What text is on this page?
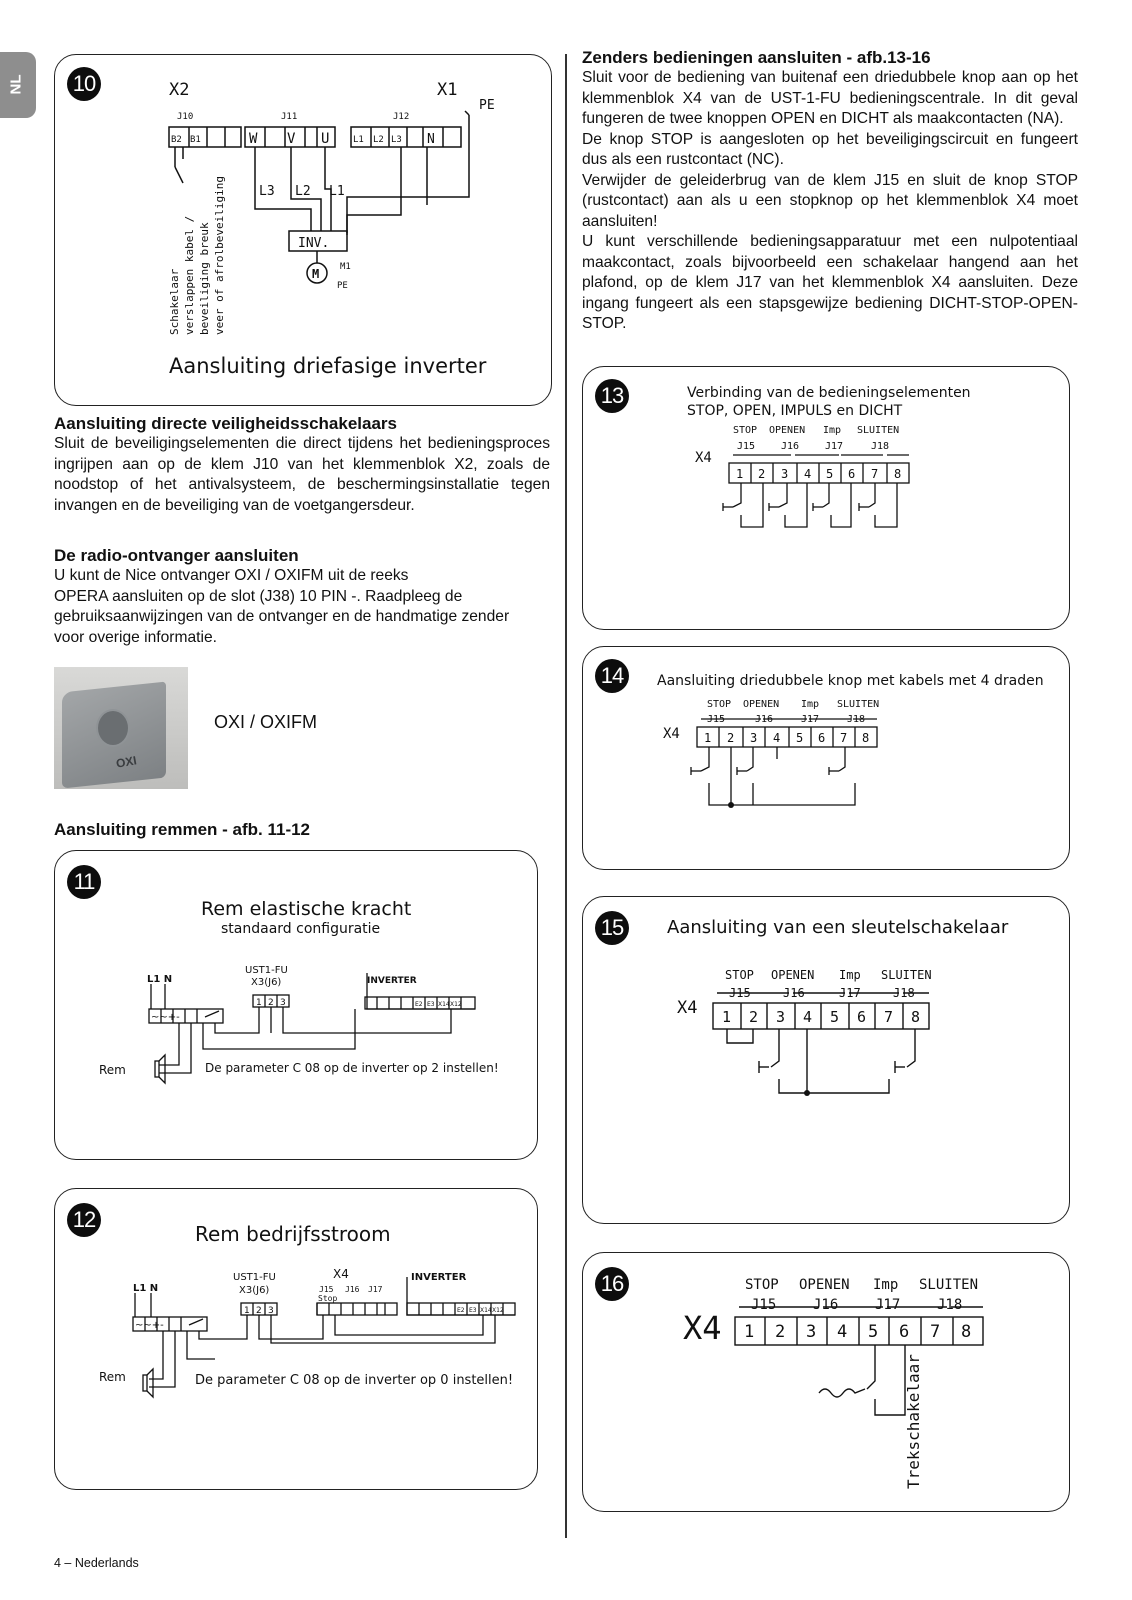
NL 10	X2	X1
PE
J10	J11	J12
B2 B1	W V U	L1 L2 L3 N
L3 L2 L1
INV.
M M1
PE
Schakelaar verslappen kabel / beveiliging breuk veer of afrolbeveiliging
Aansluiting driefasige inverter
Aansluiting directe veiligheidsschakelaars
Sluit de beveiligingselementen die direct tijdens het bedieningsproces ingrijpen aan op de klem J10 van het klemmenblok X2, zoals de noodstop of het antivalsysteem, de beschermingsinstallatie tegen invangen en de beveiliging van de voetgangersdeur.
De radio-ontvanger aansluiten

U kunt de Nice ontvanger OXI / OXIFM uit de reeks

OPERA aansluiten op de slot (J38) 10 PIN -. Raadpleeg de

gebruiksaanwijzingen van de ontvanger en de handmatige zender

voor overige informatie.

OXI
OXI / OXIFM
Aansluiting remmen - afb. 11-12
11
Rem elastische kracht
standaard configuratie
L1 N
UST1-FU
X3(J6)
1 2 3
INVERTER
E2 E3 X14 X12
~~+-
Rem	De parameter C 08 op de inverter op 2 instellen!
12
Rem bedrijfsstroom
L1 N
UST1-FU
X3(J6)
1 2 3
X4
J15 J16 J17
Stop
INVERTER
E2 E3 X14 X12
~~+-
Rem	De parameter C 08 op de inverter op 0 instellen!
Zenders bedieningen aansluiten - afb.13-16

Sluit voor de bediening van buitenaf een driedubbele knop aan op het klemmenblok X4 van de UST-1-FU bedieningscentrale. In dit geval fungeren de twee knoppen OPEN en DICHT als maakcontacten (NA).

De knop STOP is aangesloten op het beveiligingscircuit en fungeert dus als een rustcontact (NC).

Verwijder de geleiderbrug van de klem J15 en sluit de knop STOP (rustcontact) aan als u een stopknop op het klemmenblok X4 moet aansluiten!

U kunt verschillende bedieningsapparatuur met een nulpotentiaal maakcontact, zoals bijvoorbeeld een schakelaar hangend aan het plafond, op de klem J17 van het klemmenblok X4 aansluiten. Deze ingang fungeert als een stapsgewijze bediening DICHT-STOP-OPEN-STOP.

13	Verbinding van de bedieningselementen
STOP, OPEN, IMPULS en DICHT
STOP OPENEN Imp SLUITEN
J15	J16	J17	J18
X4
1 2 3 4 5 6 7 8
14	Aansluiting driedubbele knop met kabels met 4 draden
STOP OPENEN Imp SLUITEN
J15	J16	J17	J18
X4 1 2 3 4 5 6 7 8
15	Aansluiting van een sleutelschakelaar
STOP OPENEN Imp SLUITEN
J15	J16	J17	J18
X4 1 2 3 4 5 6 7 8
16	STOP OPENEN Imp SLUITEN
J15	J16	J17	J18
X4 1 2 3 4 5 6 7 8
Trekschakelaar
4 – Nederlands
